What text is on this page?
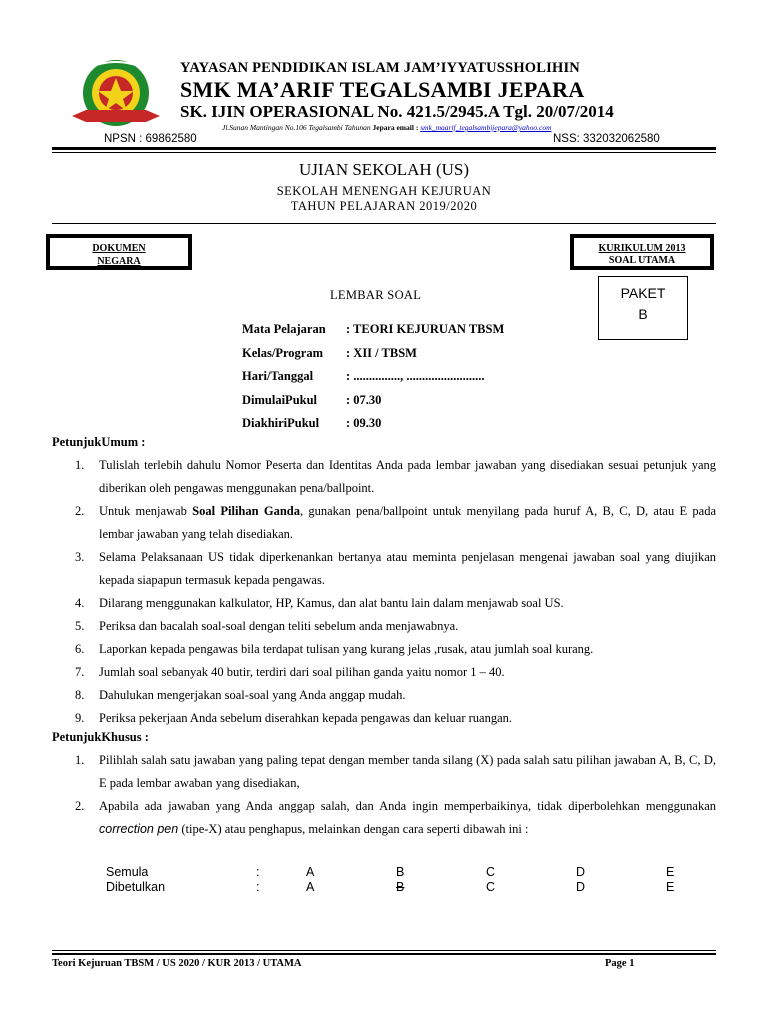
YAYASAN PENDIDIKAN ISLAM JAM’IYYATUSSHOLIHIN
SMK MA’ARIF TEGALSAMBI JEPARA
SK. IJIN OPERASIONAL No. 421.5/2945.A Tgl. 20/07/2014
Jl.Sunan Mantingan No.106 Tegalsambi Tahunan Jepara email : smk_maarif_tegalsambijepara@yahoo.com
NPSN : 69862580	NSS: 332032062580
UJIAN SEKOLAH (US)
SEKOLAH MENENGAH KEJURUAN
TAHUN PELAJARAN 2019/2020
DOKUMEN
NEGARA
KURIKULUM 2013
SOAL UTAMA
PAKET
B
LEMBAR SOAL
Mata Pelajaran	: TEORI KEJURUAN TBSM
Kelas/Program	: XII / TBSM
Hari/Tanggal	: ..............., .........................
DimulaiPukul	: 07.30
DiakhiriPukul	: 09.30
PetunjukUmum :
1. Tulislah terlebih dahulu Nomor Peserta dan Identitas Anda pada lembar jawaban yang disediakan sesuai petunjuk yang diberikan oleh pengawas menggunakan pena/ballpoint.
2. Untuk menjawab Soal Pilihan Ganda, gunakan pena/ballpoint untuk menyilang pada huruf A, B, C, D, atau E pada lembar jawaban yang telah disediakan.
3. Selama Pelaksanaan US tidak diperkenankan bertanya atau meminta penjelasan mengenai jawaban soal yang diujikan kepada siapapun termasuk kepada pengawas.
4. Dilarang menggunakan kalkulator, HP, Kamus, dan alat bantu lain dalam menjawab soal US.
5. Periksa dan bacalah soal-soal dengan teliti sebelum anda menjawabnya.
6. Laporkan kepada pengawas bila terdapat tulisan yang kurang jelas ,rusak, atau jumlah soal kurang.
7. Jumlah soal sebanyak 40 butir, terdiri dari soal pilihan ganda yaitu nomor 1 – 40.
8. Dahulukan mengerjakan soal-soal yang Anda anggap mudah.
9. Periksa pekerjaan Anda sebelum diserahkan kepada pengawas dan keluar ruangan.
PetunjukKhusus :
1. Pilihlah salah satu jawaban yang paling tepat dengan member tanda silang (X) pada salah satu pilihan jawaban A, B, C, D, E pada lembar awaban yang disediakan,
2. Apabila ada jawaban yang Anda anggap salah, dan Anda ingin memperbaikinya, tidak diperbolehkan menggunakan correction pen (tipe-X) atau penghapus, melainkan dengan cara seperti dibawah ini :
Semula	:	A	B	C	D	E
Dibetulkan	:	A	B	C	D	E
Teori Kejuruan TBSM / US 2020 / KUR 2013 / UTAMA	Page 1
